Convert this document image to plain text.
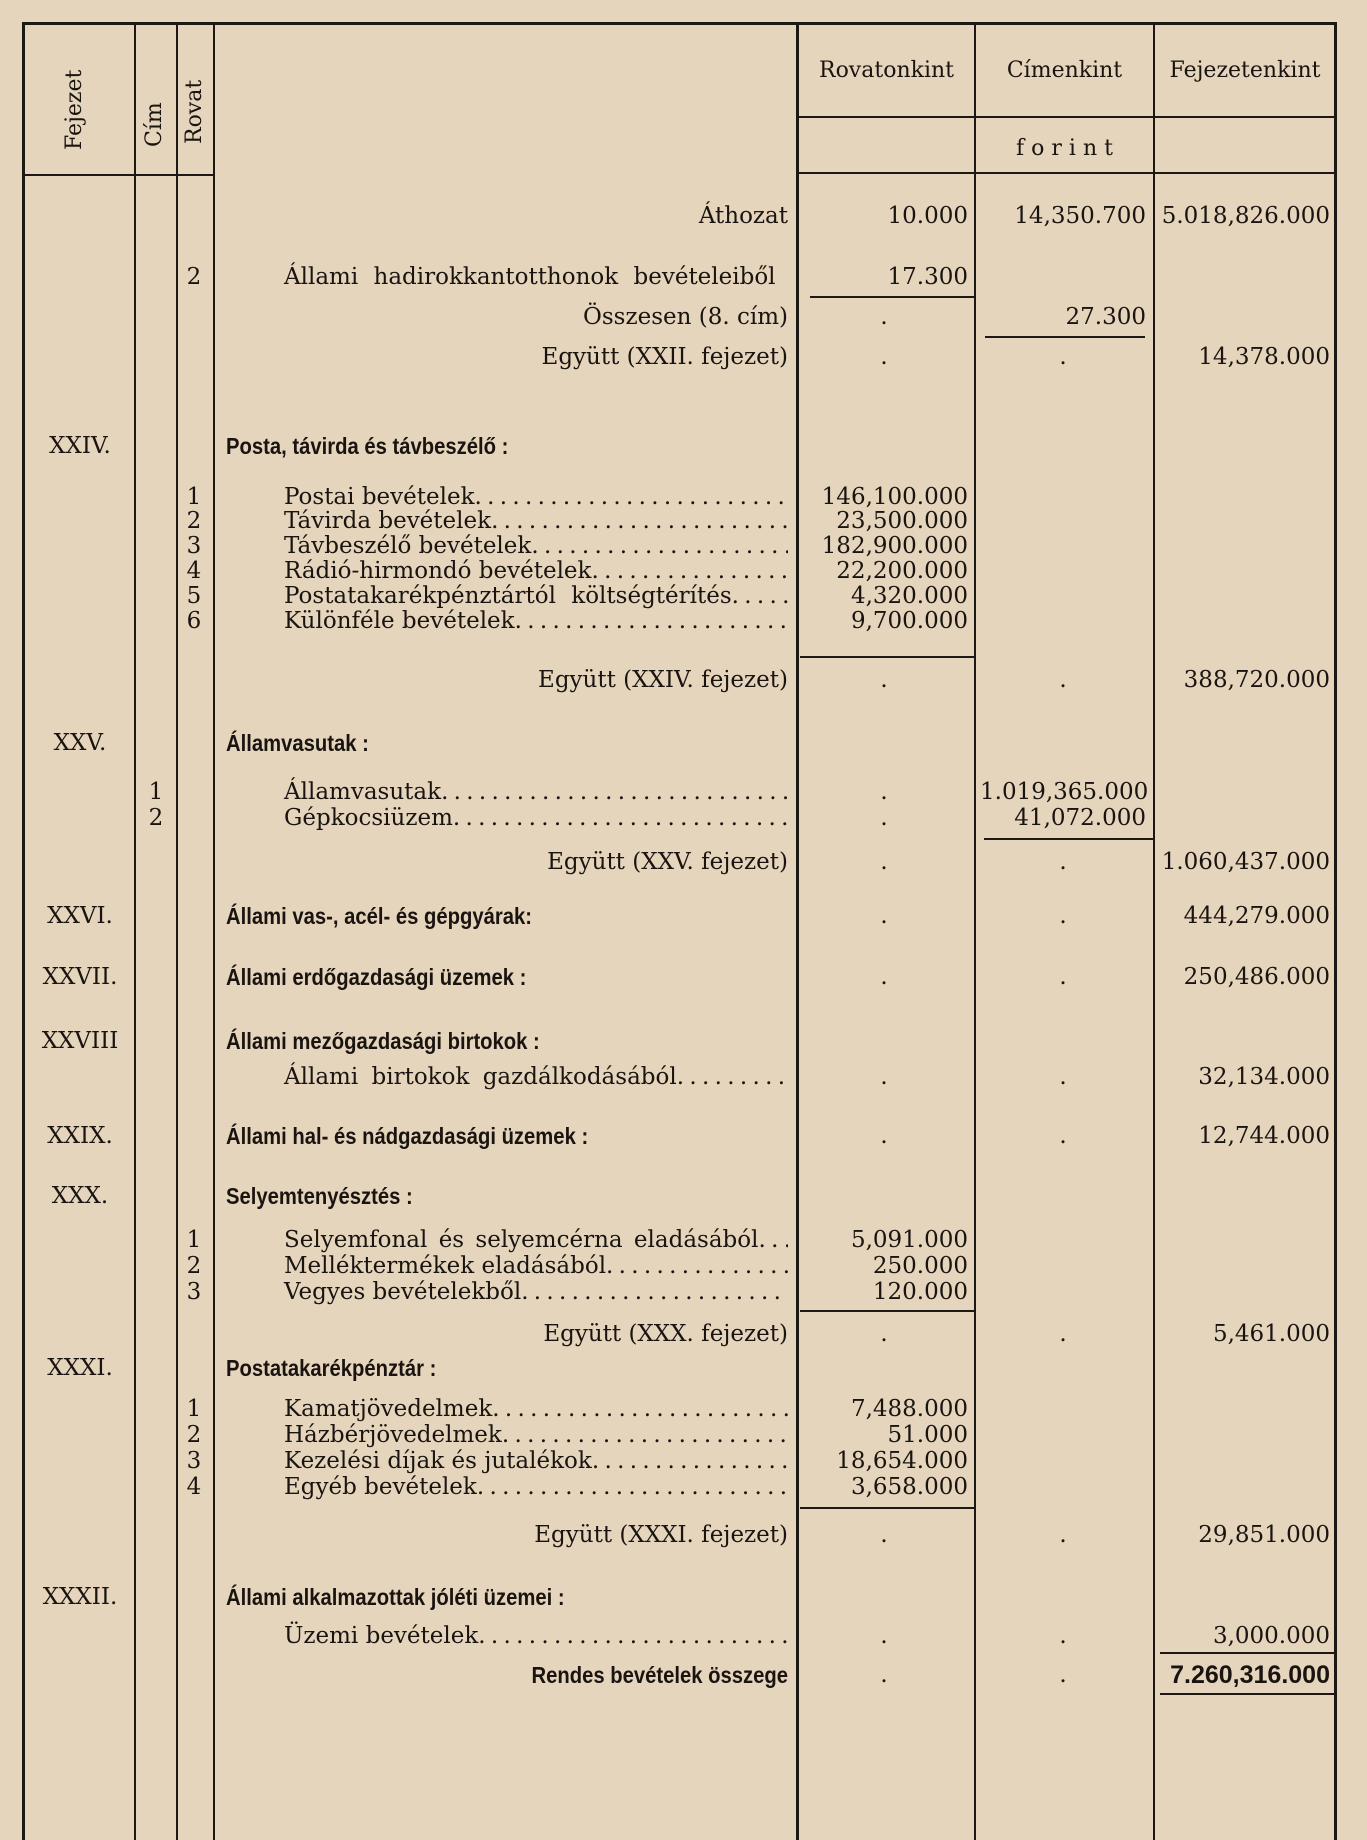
Fejezet	Cím Rovat
Rovatonkint	Címenkint	Fejezetenkint
forint
Áthozat	10.000	14,350.700 5.018,826.000
2	Állami hadirokkantotthonok bevételeiből	17.300
Összesen (8. cím)	.	27.300
Együtt (XXII. fejezet)	.	.	14,378.000
XXIV.	Posta, távirda és távbeszélő :
1	Postai bevételek . . .	146,100.000
2	Távirda bevételek . . .	23,500.000
3	Távbeszélő bevételek . . .	182,900.000
4	Rádió-hirmondó bevételek . . .	22,200.000
5	Postatakarékpénztártól költségtérítés . . .	4,320.000
6	Különféle bevételek . . .	9,700.000
Együtt (XXIV. fejezet)	.	.	388,720.000
XXV.	Államvasutak :
1	Államvasutak . . .	.	1.019,365.000
2	Gépkocsiüzem . . .	.	41,072.000
Együtt (XXV. fejezet)	.	.	1.060,437.000
XXVI.	Állami vas-, acél- és gépgyárak:	.	.	444,279.000
XXVII.	Állami erdőgazdasági üzemek :	.	.	250,486.000
XXVIII	Állami mezőgazdasági birtokok :
Állami birtokok gazdálkodásából . . .	.	.	32,134.000
XXIX.	Állami hal- és nádgazdasági üzemek :	.	.	12,744.000
XXX.	Selyemtenyésztés :
1	Selyemfonal és selyemcérna eladásából . . .	5,091.000
2	Melléktermékek eladásából . . .	250.000
3	Vegyes bevételekből . . .	120.000
Együtt (XXX. fejezet)	.	.	5,461.000
XXXI.	Postatakarékpénztár :
1	Kamatjövedelmek . . .	7,488.000
2	Házbérjövedelmek . . .	51.000
3	Kezelési díjak és jutalékok . . .	18,654.000
4	Egyéb bevételek . . .	3,658.000
Együtt (XXXI. fejezet)	.	.	29,851.000
XXXII.	Állami alkalmazottak jóléti üzemei :
Üzemi bevételek . . .	.	.	3,000.000
Rendes bevételek összege	.	.	7.260,316.000
